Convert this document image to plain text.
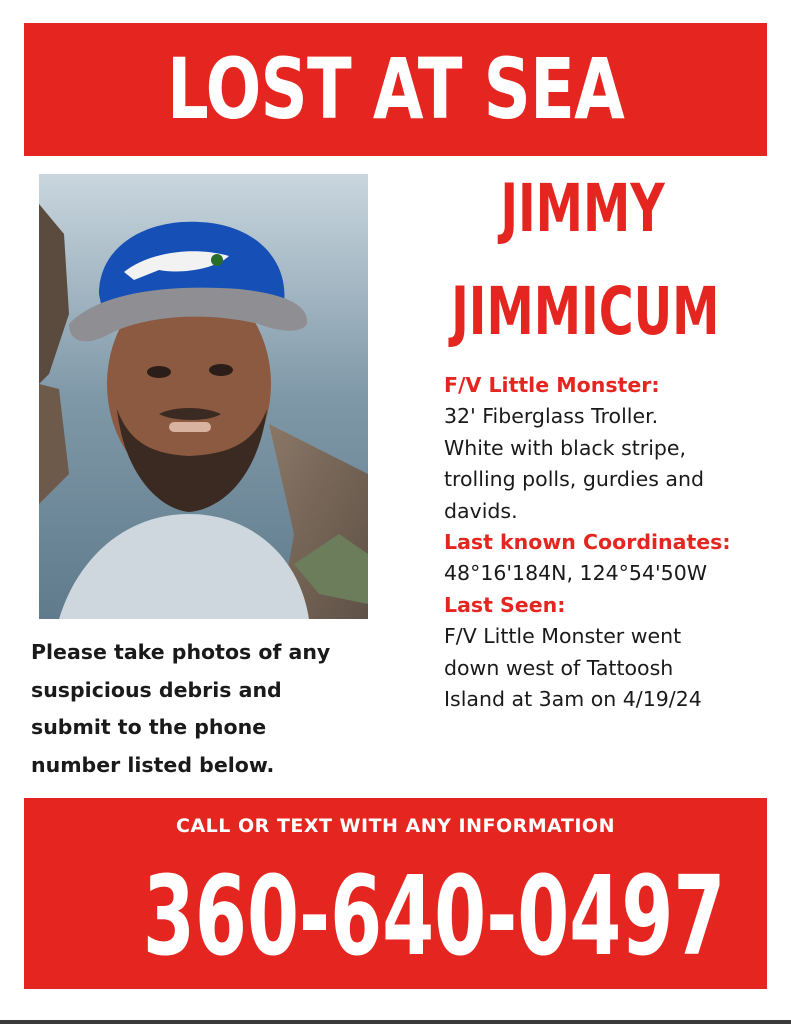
LOST AT SEA
JIMMY
JIMMICUM
F/V Little Monster:
32' Fiberglass Troller.
White with black stripe,
trolling polls, gurdies and
davids.
Last known Coordinates:
48°16'184N, 124°54'50W
Last Seen:
F/V Little Monster went
down west of Tattoosh
Island at 3am on 4/19/24
Please take photos of any
suspicious debris and
submit to the phone
number listed below.
CALL OR TEXT WITH ANY INFORMATION
360-640-0497
